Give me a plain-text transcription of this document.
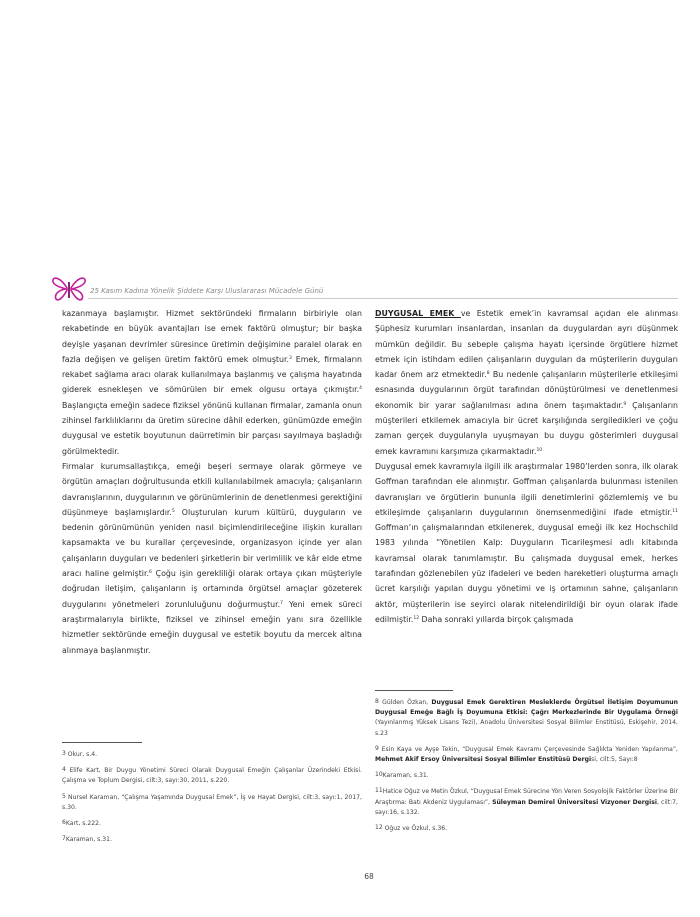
25 Kasım Kadına Yönelik Şiddete Karşı Uluslararası Mücadele Günü

kazanmaya başlamıştır. Hizmet sektöründeki firmaların birbiriyle olan rekabetinde en büyük avantajları ise emek faktörü olmuştur; bir başka deyişle yaşanan devrimler süresince üretimin değişimine paralel olarak en fazla değişen ve gelişen üretim faktörü emek olmuştur.$^3$ Emek, firmaların rekabet sağlama aracı olarak kullanılmaya başlanmış ve çalışma hayatında giderek esnekleşen ve sömürülen bir emek olgusu ortaya çıkmıştır.$^4$ Başlangıçta emeğin sadece fiziksel yönünü kullanan firmalar, zamanla onun zihinsel farklılıklarını da üretim sürecine dâhil ederken, günümüzde emeğin duygusal ve estetik boyutunun daürretimin bir parçası sayılmaya başladığı görülmektedir.

Firmalar kurumsallaştıkça, emeği beşeri sermaye olarak görmeye ve örgütün amaçları doğrultusunda etkili kullanılabilmek amacıyla; çalışanların davranışlarının, duygularının ve görünümlerinin de denetlenmesi gerektiğini düşünmeye başlamışlardır.$^5$ Oluşturulan kurum kültürü, duyguların ve bedenin görünümünün yeniden nasıl biçimlendirileceğine ilişkin kuralları kapsamakta ve bu kurallar çerçevesinde, organizasyon içinde yer alan çalışanların duyguları ve bedenleri şirketlerin bir verimlilik ve kâr elde etme aracı haline gelmiştir.$^6$ Çoğu işin gerekliliği olarak ortaya çıkan müşteriyle doğrudan iletişim, çalışanların iş ortamında örgütsel amaçlar gözeterek duygularını yönetmeleri zorunluluğunu doğurmuştur.$^7$ Yeni emek süreci araştırmalarıyla birlikte, fiziksel ve zihinsel emeğin yanı sıra özellikle hizmetler sektöründe emeğin duygusal ve estetik boyutu da mercek altına alınmaya başlanmıştır.

DUYGUSAL EMEK ve Estetik emek’in kavramsal açıdan ele alınması Şüphesiz kurumları insanlardan, insanları da duygulardan ayrı düşünmek mümkün değildir. Bu sebeple çalışma hayatı içersinde örgütlere hizmet etmek için istihdam edilen çalışanların duyguları da müşterilerin duyguları kadar önem arz etmektedir.$^8$ Bu nedenle çalışanların müşterilerle etkileşimi esnasında duygularının örgüt tarafından dönüştürülmesi ve denetlenmesi ekonomik bir yarar sağlanılması adına önem taşımaktadır.$^9$ Çalışanların müşterileri etkilemek amacıyla bir ücret karşılığında sergiledikleri ve çoğu zaman gerçek duygularıyla uyuşmayan bu duygu gösterimleri duygusal emek kavramını karşımıza çıkarmaktadır.$^{10}$

Duygusal emek kavramıyla ilgili ilk araştırmalar 1980’lerden sonra, ilk olarak Goffman tarafından ele alınmıştır. Goffman çalışanlarda bulunması istenilen davranışları ve örgütlerin bununla ilgili denetimlerini gözlemlemiş ve bu etkileşimde çalışanların duygularının önemsenmediğini ifade etmiştir.$^{11}$ Goffman’ın çalışmalarından etkilenerek, duygusal emeği ilk kez Hochschild 1983 yılında “Yönetilen Kalp: Duyguların Ticarileşmesi adlı kitabında kavramsal olarak tanımlamıştır. Bu çalışmada duygusal emek, herkes tarafından gözlenebilen yüz ifadeleri ve beden hareketleri oluşturma amaçlı ücret karşılığı yapılan duygu yönetimi ve iş ortamının sahne, çalışanların aktör, müşterilerin ise seyirci olarak nitelendirildiği bir oyun olarak ifade edilmiştir.$^{12}$ Daha sonraki yıllarda birçok çalışmada

$^3$ Okur, s.4.

$^4$ Elife Kart, Bir Duygu Yönetimi Süreci Olarak Duygusal Emeğin Çalışanlar Üzerindeki Etkisi. Çalışma ve Toplum Dergisi, cilt:3, sayı:30, 2011, s.220.

$^5$ Nursel Karaman, “Çalışma Yaşamında Duygusal Emek”, İş ve Hayat Dergisi, cilt:3, sayı:1, 2017, s.30.

$^6$Kart, s.222.

$^7$Karaman, s.31.

$^8$ Gülden Özkan, Duygusal Emek Gerektiren Mesleklerde Örgütsel İletişim Doyumunun Duygusal Emeğe Bağlı İş Doyumuna Etkisi: Çağrı Merkezlerinde Bir Uygulama Örneği (Yayınlanmış Yüksek Lisans Tezi), Anadolu Üniversitesi Sosyal Bilimler Enstitüsü, Eskişehir, 2014, s.23

$^9$ Esin Kaya ve Ayşe Tekin, “Duygusal Emek Kavramı Çerçevesinde Sağlıkta Yeniden Yapılanma”, Mehmet Akif Ersoy Üniversitesi Sosyal Bilimler Enstitüsü Dergisi, cilt:5, Sayı:8

$^{10}$Karaman, s.31.

$^{11}$Hatice Oğuz ve Metin Özkul, “Duygusal Emek Sürecine Yön Veren Sosyolojik Faktörler Üzerine Bir Araştırma: Batı Akdeniz Uygulaması”, Süleyman Demirel Üniversitesi Vizyoner Dergisi, cilt:7, sayı:16, s.132.

$^{12}$ Oğuz ve Özkul, s.36.

68
